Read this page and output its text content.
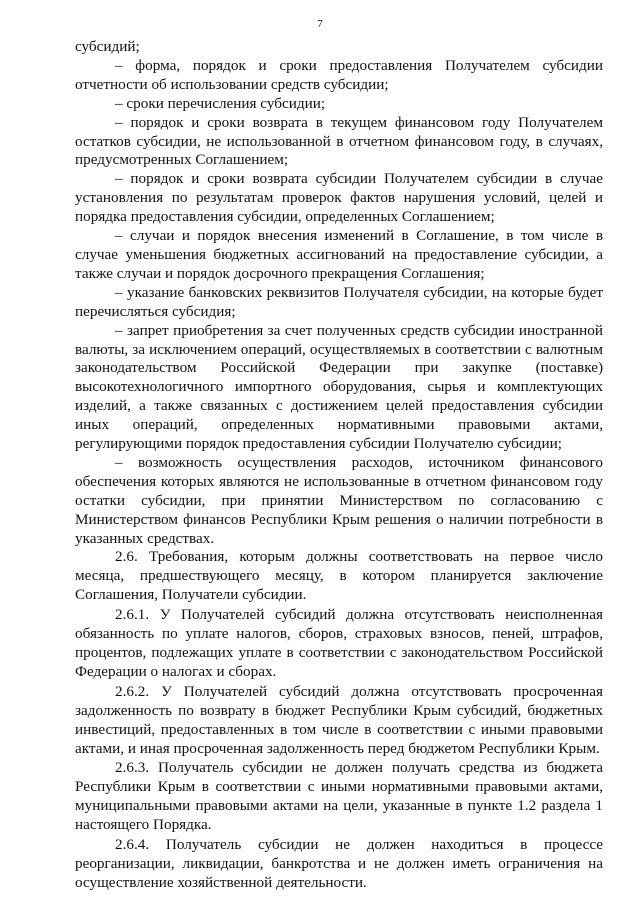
7

субсидий;

– форма, порядок и сроки предоставления Получателем субсидии отчетности об использовании средств субсидии;

– сроки перечисления субсидии;

– порядок и сроки возврата в текущем финансовом году Получателем остатков субсидии, не использованной в отчетном финансовом году, в случаях, предусмотренных Соглашением;

– порядок и сроки возврата субсидии Получателем субсидии в случае установления по результатам проверок фактов нарушения условий, целей и порядка предоставления субсидии, определенных Соглашением;

– случаи и порядок внесения изменений в Соглашение, в том числе в случае уменьшения бюджетных ассигнований на предоставление субсидии, а также случаи и порядок досрочного прекращения Соглашения;

– указание банковских реквизитов Получателя субсидии, на которые будет перечисляться субсидия;

– запрет приобретения за счет полученных средств субсидии иностранной валюты, за исключением операций, осуществляемых в соответствии с валютным законодательством Российской Федерации при закупке (поставке) высокотехнологичного импортного оборудования, сырья и комплектующих изделий, а также связанных с достижением целей предоставления субсидии иных операций, определенных нормативными правовыми актами, регулирующими порядок предоставления субсидии Получателю субсидии;

– возможность осуществления расходов, источником финансового обеспечения которых являются не использованные в отчетном финансовом году остатки субсидии, при принятии Министерством по согласованию с Министерством финансов Республики Крым решения о наличии потребности в указанных средствах.

2.6. Требования, которым должны соответствовать на первое число месяца, предшествующего месяцу, в котором планируется заключение Соглашения, Получатели субсидии.

2.6.1. У Получателей субсидий должна отсутствовать неисполненная обязанность по уплате налогов, сборов, страховых взносов, пеней, штрафов, процентов, подлежащих уплате в соответствии с законодательством Российской Федерации о налогах и сборах.

2.6.2. У Получателей субсидий должна отсутствовать просроченная задолженность по возврату в бюджет Республики Крым субсидий, бюджетных инвестиций, предоставленных в том числе в соответствии с иными правовыми актами, и иная просроченная задолженность перед бюджетом Республики Крым.

2.6.3. Получатель субсидии не должен получать средства из бюджета Республики Крым в соответствии с иными нормативными правовыми актами, муниципальными правовыми актами на цели, указанные в пункте 1.2 раздела 1 настоящего Порядка.

2.6.4. Получатель субсидии не должен находиться в процессе реорганизации, ликвидации, банкротства и не должен иметь ограничения на осуществление хозяйственной деятельности.
